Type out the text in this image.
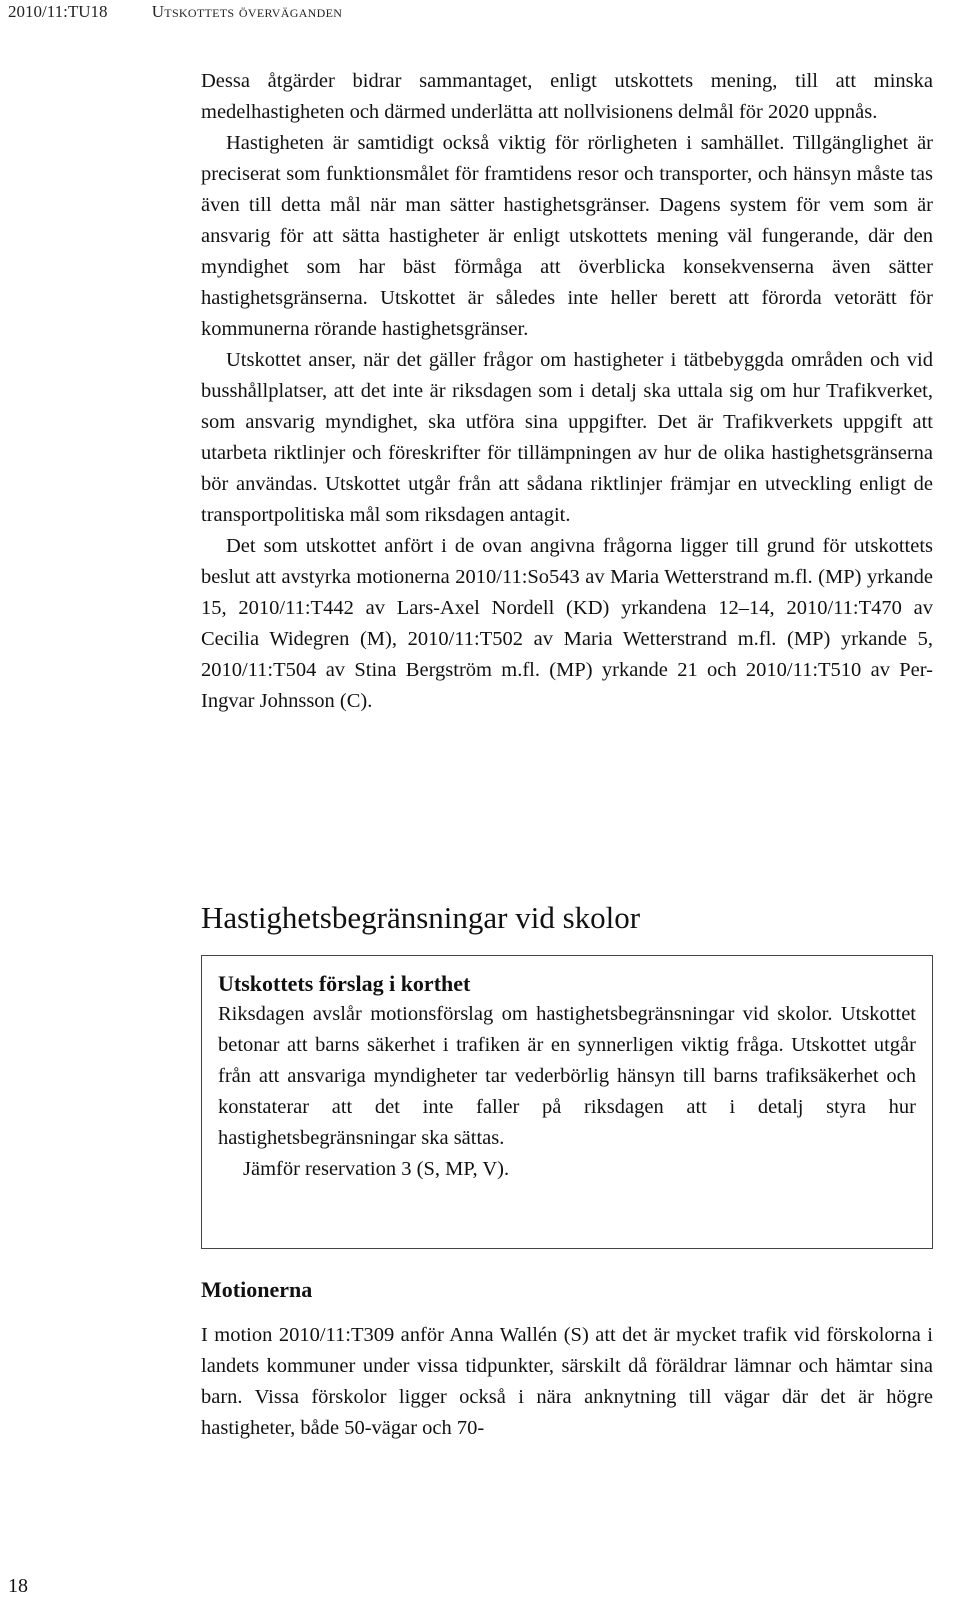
2010/11:TU18	Utskottets överväganden

Dessa åtgärder bidrar sammantaget, enligt utskottets mening, till att minska medelhastigheten och därmed underlätta att nollvisionens delmål för 2020 uppnås.

Hastigheten är samtidigt också viktig för rörligheten i samhället. Tillgänglighet är preciserat som funktionsmålet för framtidens resor och transporter, och hänsyn måste tas även till detta mål när man sätter hastighetsgränser. Dagens system för vem som är ansvarig för att sätta hastigheter är enligt utskottets mening väl fungerande, där den myndighet som har bäst förmåga att överblicka konsekvenserna även sätter hastighetsgränserna. Utskottet är således inte heller berett att förorda vetorätt för kommunerna rörande hastighetsgränser.

Utskottet anser, när det gäller frågor om hastigheter i tätbebyggda områden och vid busshållplatser, att det inte är riksdagen som i detalj ska uttala sig om hur Trafikverket, som ansvarig myndighet, ska utföra sina uppgifter. Det är Trafikverkets uppgift att utarbeta riktlinjer och föreskrifter för tillämpningen av hur de olika hastighetsgränserna bör användas. Utskottet utgår från att sådana riktlinjer främjar en utveckling enligt de transportpolitiska mål som riksdagen antagit.

Det som utskottet anfört i de ovan angivna frågorna ligger till grund för utskottets beslut att avstyrka motionerna 2010/11:So543 av Maria Wetterstrand m.fl. (MP) yrkande 15, 2010/11:T442 av Lars-Axel Nordell (KD) yrkandena 12–14, 2010/11:T470 av Cecilia Widegren (M), 2010/11:T502 av Maria Wetterstrand m.fl. (MP) yrkande 5, 2010/11:T504 av Stina Bergström m.fl. (MP) yrkande 21 och 2010/11:T510 av Per-Ingvar Johnsson (C).

Hastighetsbegränsningar vid skolor
Utskottets förslag i korthet

Riksdagen avslår motionsförslag om hastighetsbegränsningar vid skolor. Utskottet betonar att barns säkerhet i trafiken är en synnerligen viktig fråga. Utskottet utgår från att ansvariga myndigheter tar vederbörlig hänsyn till barns trafiksäkerhet och konstaterar att det inte faller på riksdagen att i detalj styra hur hastighetsbegränsningar ska sättas.

Jämför reservation 3 (S, MP, V).

Motionerna

I motion 2010/11:T309 anför Anna Wallén (S) att det är mycket trafik vid förskolorna i landets kommuner under vissa tidpunkter, särskilt då föräldrar lämnar och hämtar sina barn. Vissa förskolor ligger också i nära anknytning till vägar där det är högre hastigheter, både 50-vägar och 70-

18
